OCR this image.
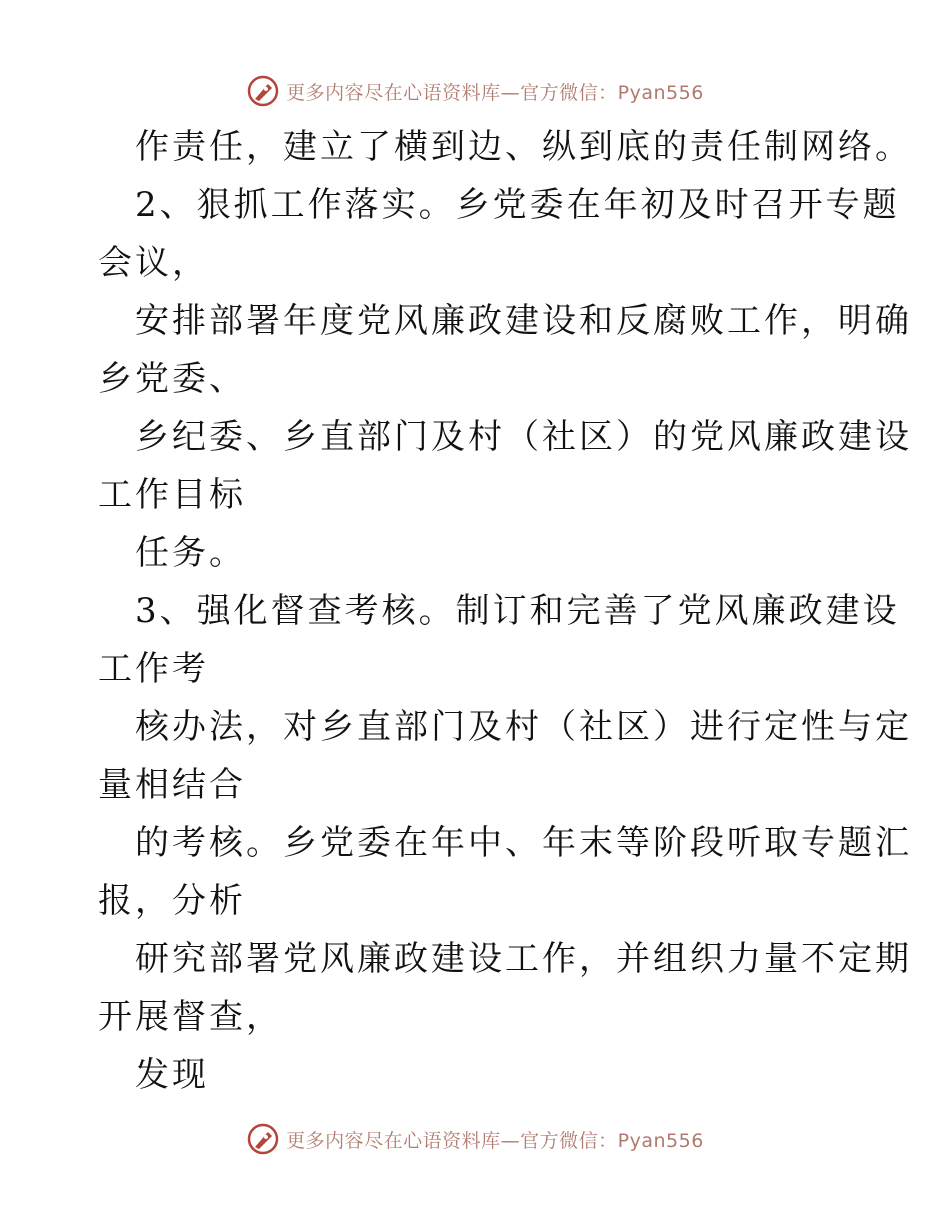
更多内容尽在心语资料库—官方微信：Pyan556
作责任，建立了横到边、纵到底的责任制网络。
2、狠抓工作落实。乡党委在年初及时召开专题
会议，
安排部署年度党风廉政建设和反腐败工作，明确
乡党委、
乡纪委、乡直部门及村（社区）的党风廉政建设
工作目标
任务。
3、强化督查考核。制订和完善了党风廉政建设
工作考
核办法，对乡直部门及村（社区）进行定性与定
量相结合
的考核。乡党委在年中、年末等阶段听取专题汇
报，分析
研究部署党风廉政建设工作，并组织力量不定期
开展督查，
发现
更多内容尽在心语资料库—官方微信：Pyan556
